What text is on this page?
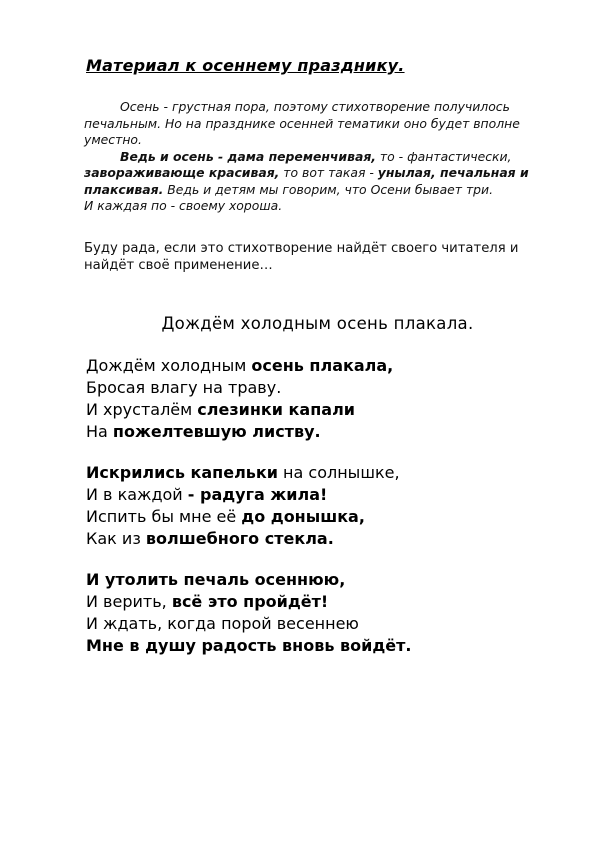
Материал к осеннему празднику.

Осень - грустная пора, поэтому стихотворение получилось печальным. Но на празднике осенней тематики оно будет вполне уместно.

Ведь и осень - дама переменчивая, то - фантастически, завораживающе красивая, то вот такая - унылая, печальная и плаксивая. Ведь и детям мы говорим, что Осени бывает три.

И каждая по - своему хороша.

Буду рада, если это стихотворение найдёт своего читателя и найдёт своё применение…
Дождём холодным осень плакала.
Дождём холодным осень плакала,
Бросая влагу на траву.
И хрусталём слезинки капали
На пожелтевшую листву.
Искрились капельки на солнышке,
И в каждой - радуга жила!
Испить бы мне её до донышка,
Как из волшебного стекла.
И утолить печаль осеннюю,
И верить, всё это пройдёт!
И ждать, когда порой весеннею
Мне в душу радость вновь войдёт.
